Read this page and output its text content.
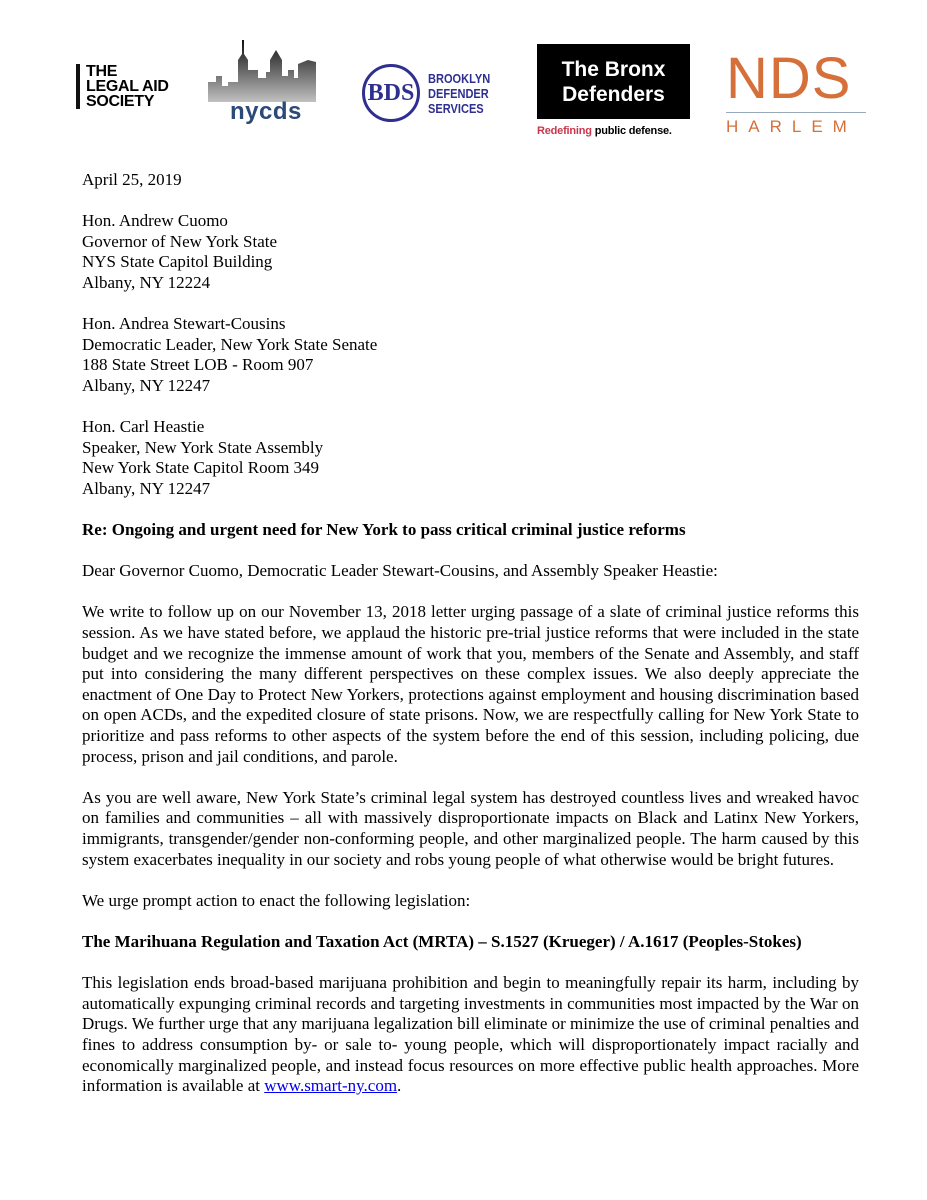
THE
LEGAL AID
SOCIETY	nycds
BDS
BROOKLYN
DEFENDER
SERVICES
The Bronx
Defenders
Redefining public defense.
NDS
HARLEM

April 25, 2019

Hon. Andrew Cuomo
Governor of New York State
NYS State Capitol Building
Albany, NY 12224

Hon. Andrea Stewart-Cousins
Democratic Leader, New York State Senate
188 State Street LOB - Room 907
Albany, NY 12247

Hon. Carl Heastie
Speaker, New York State Assembly
New York State Capitol Room 349
Albany, NY 12247

Re: Ongoing and urgent need for New York to pass critical criminal justice reforms

Dear Governor Cuomo, Democratic Leader Stewart-Cousins, and Assembly Speaker Heastie:

We write to follow up on our November 13, 2018 letter urging passage of a slate of criminal justice reforms this session. As we have stated before, we applaud the historic pre-trial justice reforms that were included in the state budget and we recognize the immense amount of work that you, members of the Senate and Assembly, and staff put into considering the many different perspectives on these complex issues. We also deeply appreciate the enactment of One Day to Protect New Yorkers, protections against employment and housing discrimination based on open ACDs, and the expedited closure of state prisons. Now, we are respectfully calling for New York State to prioritize and pass reforms to other aspects of the system before the end of this session, including policing, due process, prison and jail conditions, and parole.

As you are well aware, New York State’s criminal legal system has destroyed countless lives and wreaked havoc on families and communities – all with massively disproportionate impacts on Black and Latinx New Yorkers, immigrants, transgender/gender non-conforming people, and other marginalized people. The harm caused by this system exacerbates inequality in our society and robs young people of what otherwise would be bright futures.

We urge prompt action to enact the following legislation:

The Marihuana Regulation and Taxation Act (MRTA) – S.1527 (Krueger) / A.1617 (Peoples-Stokes)

This legislation ends broad-based marijuana prohibition and begin to meaningfully repair its harm, including by automatically expunging criminal records and targeting investments in communities most impacted by the War on Drugs. We further urge that any marijuana legalization bill eliminate or minimize the use of criminal penalties and fines to address consumption by- or sale to- young people, which will disproportionately impact racially and economically marginalized people, and instead focus resources on more effective public health approaches. More information is available at www.smart-ny.com.
